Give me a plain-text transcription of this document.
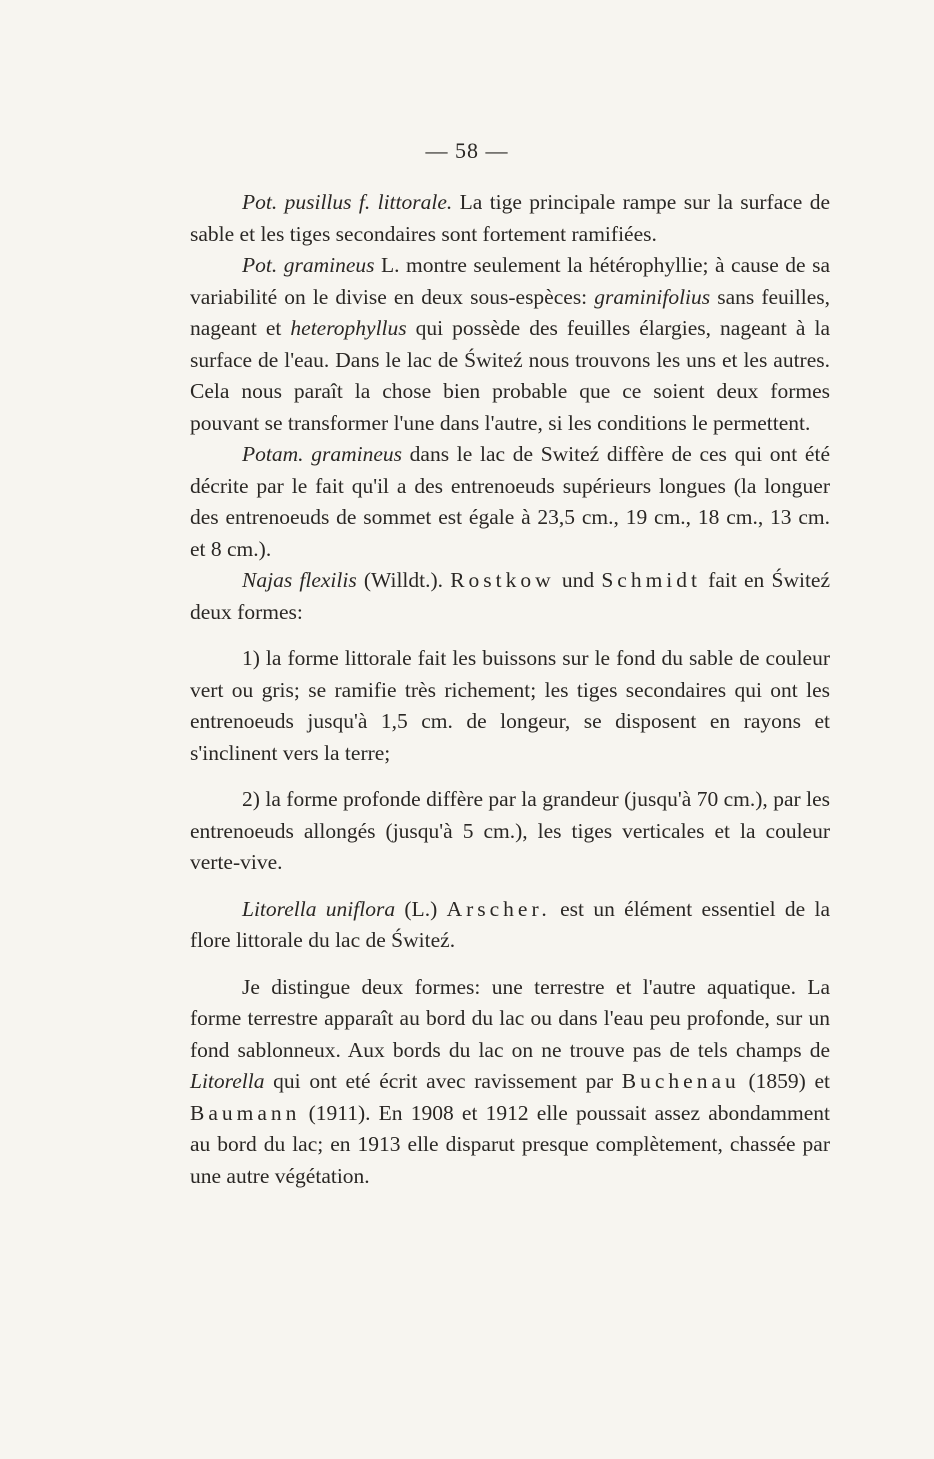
— 58 —

Pot. pusillus f. littorale. La tige principale rampe sur la surface de sable et les tiges secondaires sont fortement ramifiées.

Pot. gramineus L. montre seulement la hétérophyllie; à cause de sa variabilité on le divise en deux sous-espèces: graminifolius sans feuilles, nageant et heterophyllus qui possède des feuilles élargies, nageant à la surface de l'eau. Dans le lac de Świteź nous trouvons les uns et les autres. Cela nous paraît la chose bien probable que ce soient deux formes pouvant se transformer l'une dans l'autre, si les conditions le permettent.

Potam. gramineus dans le lac de Switeź diffère de ces qui ont été décrite par le fait qu'il a des entrenoeuds supérieurs longues (la longuer des entrenoeuds de sommet est égale à 23,5 cm., 19 cm., 18 cm., 13 cm. et 8 cm.).

Najas flexilis (Willdt.). Rostkow und Schmidt fait en Świteź deux formes:

1) la forme littorale fait les buissons sur le fond du sable de couleur vert ou gris; se ramifie très richement; les tiges secondaires qui ont les entrenoeuds jusqu'à 1,5 cm. de longeur, se disposent en rayons et s'inclinent vers la terre;

2) la forme profonde diffère par la grandeur (jusqu'à 70 cm.), par les entrenoeuds allongés (jusqu'à 5 cm.), les tiges verticales et la couleur verte-vive.

Litorella uniflora (L.) Arscher. est un élément essentiel de la flore littorale du lac de Świteź.

Je distingue deux formes: une terrestre et l'autre aquatique. La forme terrestre apparaît au bord du lac ou dans l'eau peu profonde, sur un fond sablonneux. Aux bords du lac on ne trouve pas de tels champs de Litorella qui ont eté écrit avec ravissement par Buchenau (1859) et Baumann (1911). En 1908 et 1912 elle poussait assez abondamment au bord du lac; en 1913 elle disparut presque complètement, chassée par une autre végétation.
